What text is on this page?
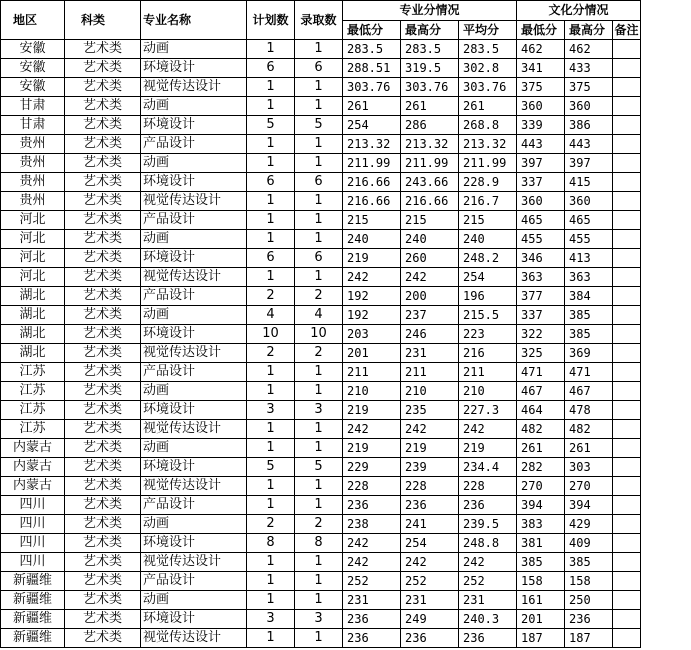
地区	科类	专业名称	计划数	录取数	专业分情况			文化分情况		
					最低分	最高分	平均分	最低分	最高分	备注
安徽	艺术类	动画	1	1	283.5	283.5	283.5	462	462	
安徽	艺术类	环境设计	6	6	288.51	319.5	302.8	341	433	
安徽	艺术类	视觉传达设计	1	1	303.76	303.76	303.76	375	375	
甘肃	艺术类	动画	1	1	261	261	261	360	360	
甘肃	艺术类	环境设计	5	5	254	286	268.8	339	386	
贵州	艺术类	产品设计	1	1	213.32	213.32	213.32	443	443	
贵州	艺术类	动画	1	1	211.99	211.99	211.99	397	397	
贵州	艺术类	环境设计	6	6	216.66	243.66	228.9	337	415	
贵州	艺术类	视觉传达设计	1	1	216.66	216.66	216.7	360	360	
河北	艺术类	产品设计	1	1	215	215	215	465	465	
河北	艺术类	动画	1	1	240	240	240	455	455	
河北	艺术类	环境设计	6	6	219	260	248.2	346	413	
河北	艺术类	视觉传达设计	1	1	242	242	254	363	363	
湖北	艺术类	产品设计	2	2	192	200	196	377	384	
湖北	艺术类	动画	4	4	192	237	215.5	337	385	
湖北	艺术类	环境设计	10	10	203	246	223	322	385	
湖北	艺术类	视觉传达设计	2	2	201	231	216	325	369	
江苏	艺术类	产品设计	1	1	211	211	211	471	471	
江苏	艺术类	动画	1	1	210	210	210	467	467	
江苏	艺术类	环境设计	3	3	219	235	227.3	464	478	
江苏	艺术类	视觉传达设计	1	1	242	242	242	482	482	
内蒙古	艺术类	动画	1	1	219	219	219	261	261	
内蒙古	艺术类	环境设计	5	5	229	239	234.4	282	303	
内蒙古	艺术类	视觉传达设计	1	1	228	228	228	270	270	
四川	艺术类	产品设计	1	1	236	236	236	394	394	
四川	艺术类	动画	2	2	238	241	239.5	383	429	
四川	艺术类	环境设计	8	8	242	254	248.8	381	409	
四川	艺术类	视觉传达设计	1	1	242	242	242	385	385	
新疆维	艺术类	产品设计	1	1	252	252	252	158	158	
新疆维	艺术类	动画	1	1	231	231	231	161	250	
新疆维	艺术类	环境设计	3	3	236	249	240.3	201	236	
新疆维	艺术类	视觉传达设计	1	1	236	236	236	187	187	
